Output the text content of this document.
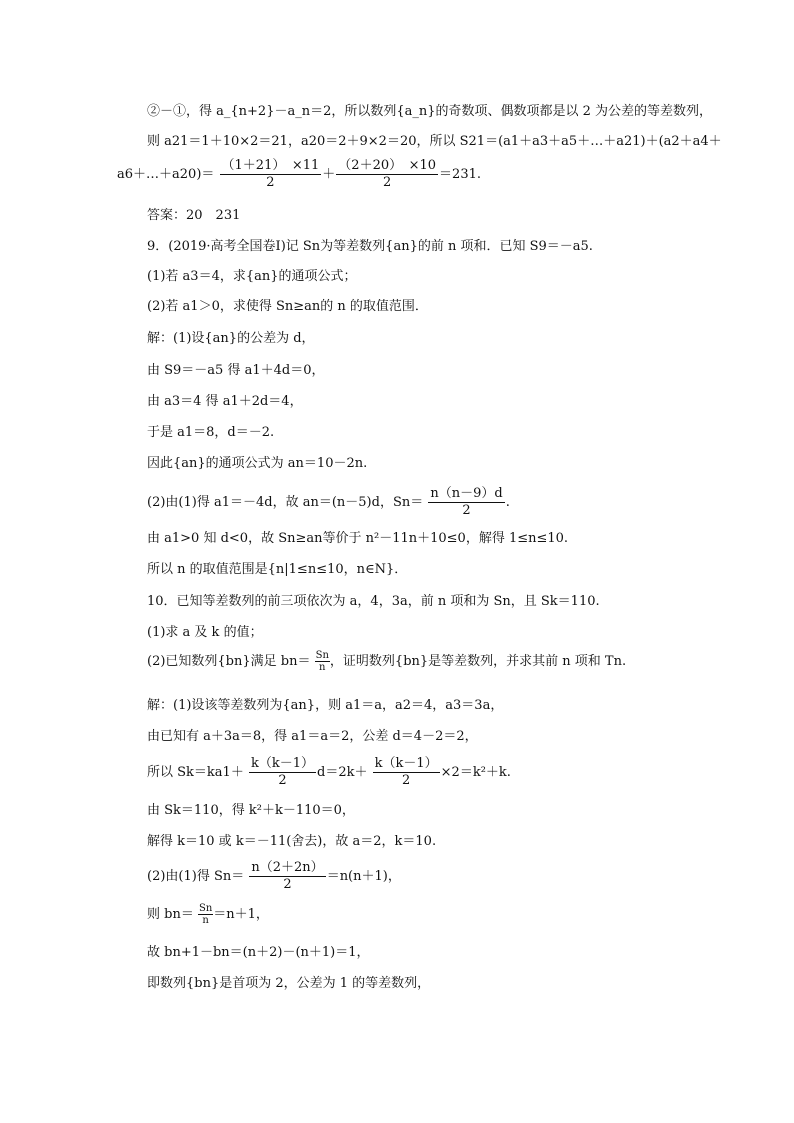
②－①，得 a_{n+2}－a_n＝2，所以数列{a_n}的奇数项、偶数项都是以 2 为公差的等差数列，
则 a21＝1＋10×2＝21，a20＝2＋9×2＝20，所以 S21＝(a1＋a3＋a5＋…＋a21)＋(a2＋a4＋
a6＋…＋a20)＝ $\frac{(1+21) \times 11}{2} + \frac{(2+20) \times 10}{2} =231$.
答案：20　231
9．(2019·高考全国卷Ⅰ)记 Sn为等差数列{an}的前 n 项和．已知 S9＝－a5.
(1)若 a3＝4，求{an}的通项公式；
(2)若 a1＞0，求使得 Sn≥an的 n 的取值范围．
解：(1)设{an}的公差为 d，
由 S9＝－a5 得 a1＋4d＝0，
由 a3＝4 得 a1＋2d＝4，
于是 a1＝8，d＝－2.
因此{an}的通项公式为 an＝10－2n.
(2)由(1)得 a1＝－4d，故 an＝(n－5)d，$Sn= \frac{n(n-9)d}{2}$ .
由 a1>0 知 d<0，故 Sn≥an等价于 n²－11n＋10≤0，解得 1≤n≤10.
所以 n 的取值范围是{n|1≤n≤10，n∈N}．
10．已知等差数列的前三项依次为 a，4，3a，前 n 项和为 Sn，且 Sk＝110.
(1)求 a 及 k 的值；
(2)已知数列{bn}满足 $bn= \frac{Sn}{n}$ ，证明数列{bn}是等差数列，并求其前 n 项和 Tn.
解：(1)设该等差数列为{an}，则 a1＝a，a2＝4，a3＝3a，
由已知有 a＋3a＝8，得 a1＝a＝2，公差 d＝4－2＝2，
所以 $Sk=ka1+ \frac{k(k-1)}{2} d=2k+ \frac{k(k-1)}{2} \times 2=k^2+k$.
由 Sk＝110，得 k²＋k－110＝0，
解得 k＝10 或 k＝－11(舍去)，故 a＝2，k＝10.
(2)由(1)得 $Sn= \frac{n(2+2n)}{2} =n(n+1)$，
则 $bn= \frac{Sn}{n} =n+1$，
故 bn+1－bn＝(n＋2)－(n＋1)＝1，
即数列{bn}是首项为 2，公差为 1 的等差数列，
